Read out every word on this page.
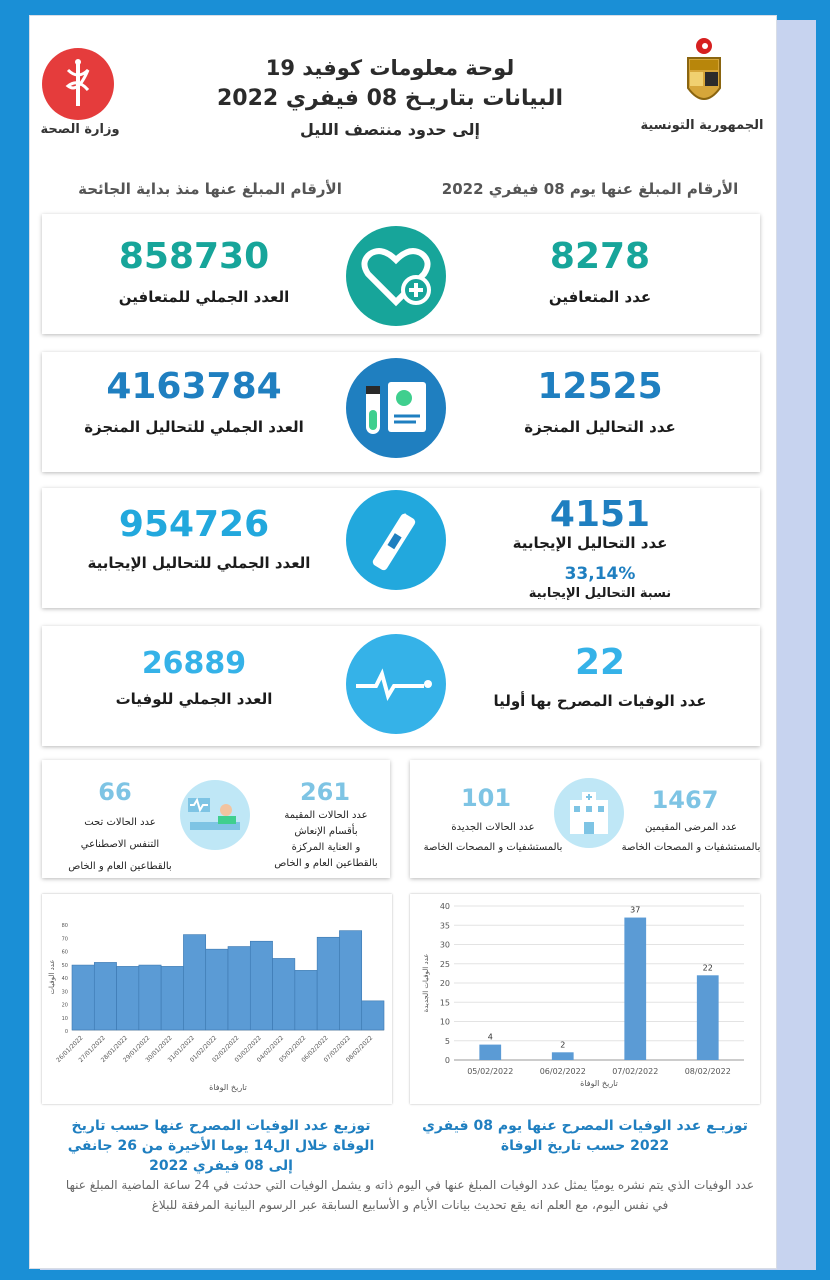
وزارة الصحة	الجمهورية التونسية
لوحة معلومات كوفيد 19
البيانات بتاريـخ 08 فيفري 2022
إلى حدود منتصف الليل
الأرقام المبلغ عنها يوم 08 فيفري 2022
الأرقام المبلغ عنها منذ بداية الجائحة
8278
عدد المتعافين
858730
العدد الجملي للمتعافين
12525
عدد التحاليل المنجزة
4163784
العدد الجملي للتحاليل المنجزة
4151
عدد التحاليل الإيجابية
33,14%
نسبة التحاليل الإيجابية
954726
العدد الجملي للتحاليل الإيجابية
22
عدد الوفيات المصرح بها أوليا
26889
العدد الجملي للوفيات
261
عدد الحالات المقيمة
بأقسام الإنعاش
و العناية المركزة
بالقطاعين العام و الخاص
66
عدد الحالات تحت
التنفس الاصطناعي
بالقطاعين العام و الخاص
1467
عدد المرضى المقيمين
بالمستشفيات و المصحات الخاصة
101
عدد الحالات الجديدة
بالمستشفيات و المصحات الخاصة
0
10
20
30
40
50
60
70
80
26/01/2022
27/01/2022
28/01/2022
29/01/2022
30/01/2022
31/01/2022
01/02/2022
02/02/2022
03/02/2022
04/02/2022
05/02/2022
06/02/2022
07/02/2022
08/02/2022
تاريخ الوفاة
عدد الوفيات
0
5
10
15
20
25
30
35
40
4
05/02/2022
2
06/02/2022
37
07/02/2022
22
08/02/2022
تاريخ الوفاة
عدد الوفيات الجديدة
توزيع عدد الوفيات المصرح عنها حسب تاريخ الوفاة خلال ال14 يوما الأخيرة من 26 جانفي إلى 08 فيفري 2022
توزيـع عدد الوفيات المصرح عنها يوم 08 فيفري 2022 حسب تاريخ الوفاة
عدد الوفيات الذي يتم نشره يوميًا يمثل عدد الوفيات المبلغ عنها في اليوم ذاته و يشمل الوفيات التي حدثت في 24 ساعة الماضية المبلغ عنها في نفس اليوم، مع العلم انه يقع تحديث بيانات الأيام و الأسابيع السابقة عبر الرسوم البيانية المرفقة للبلاغ
